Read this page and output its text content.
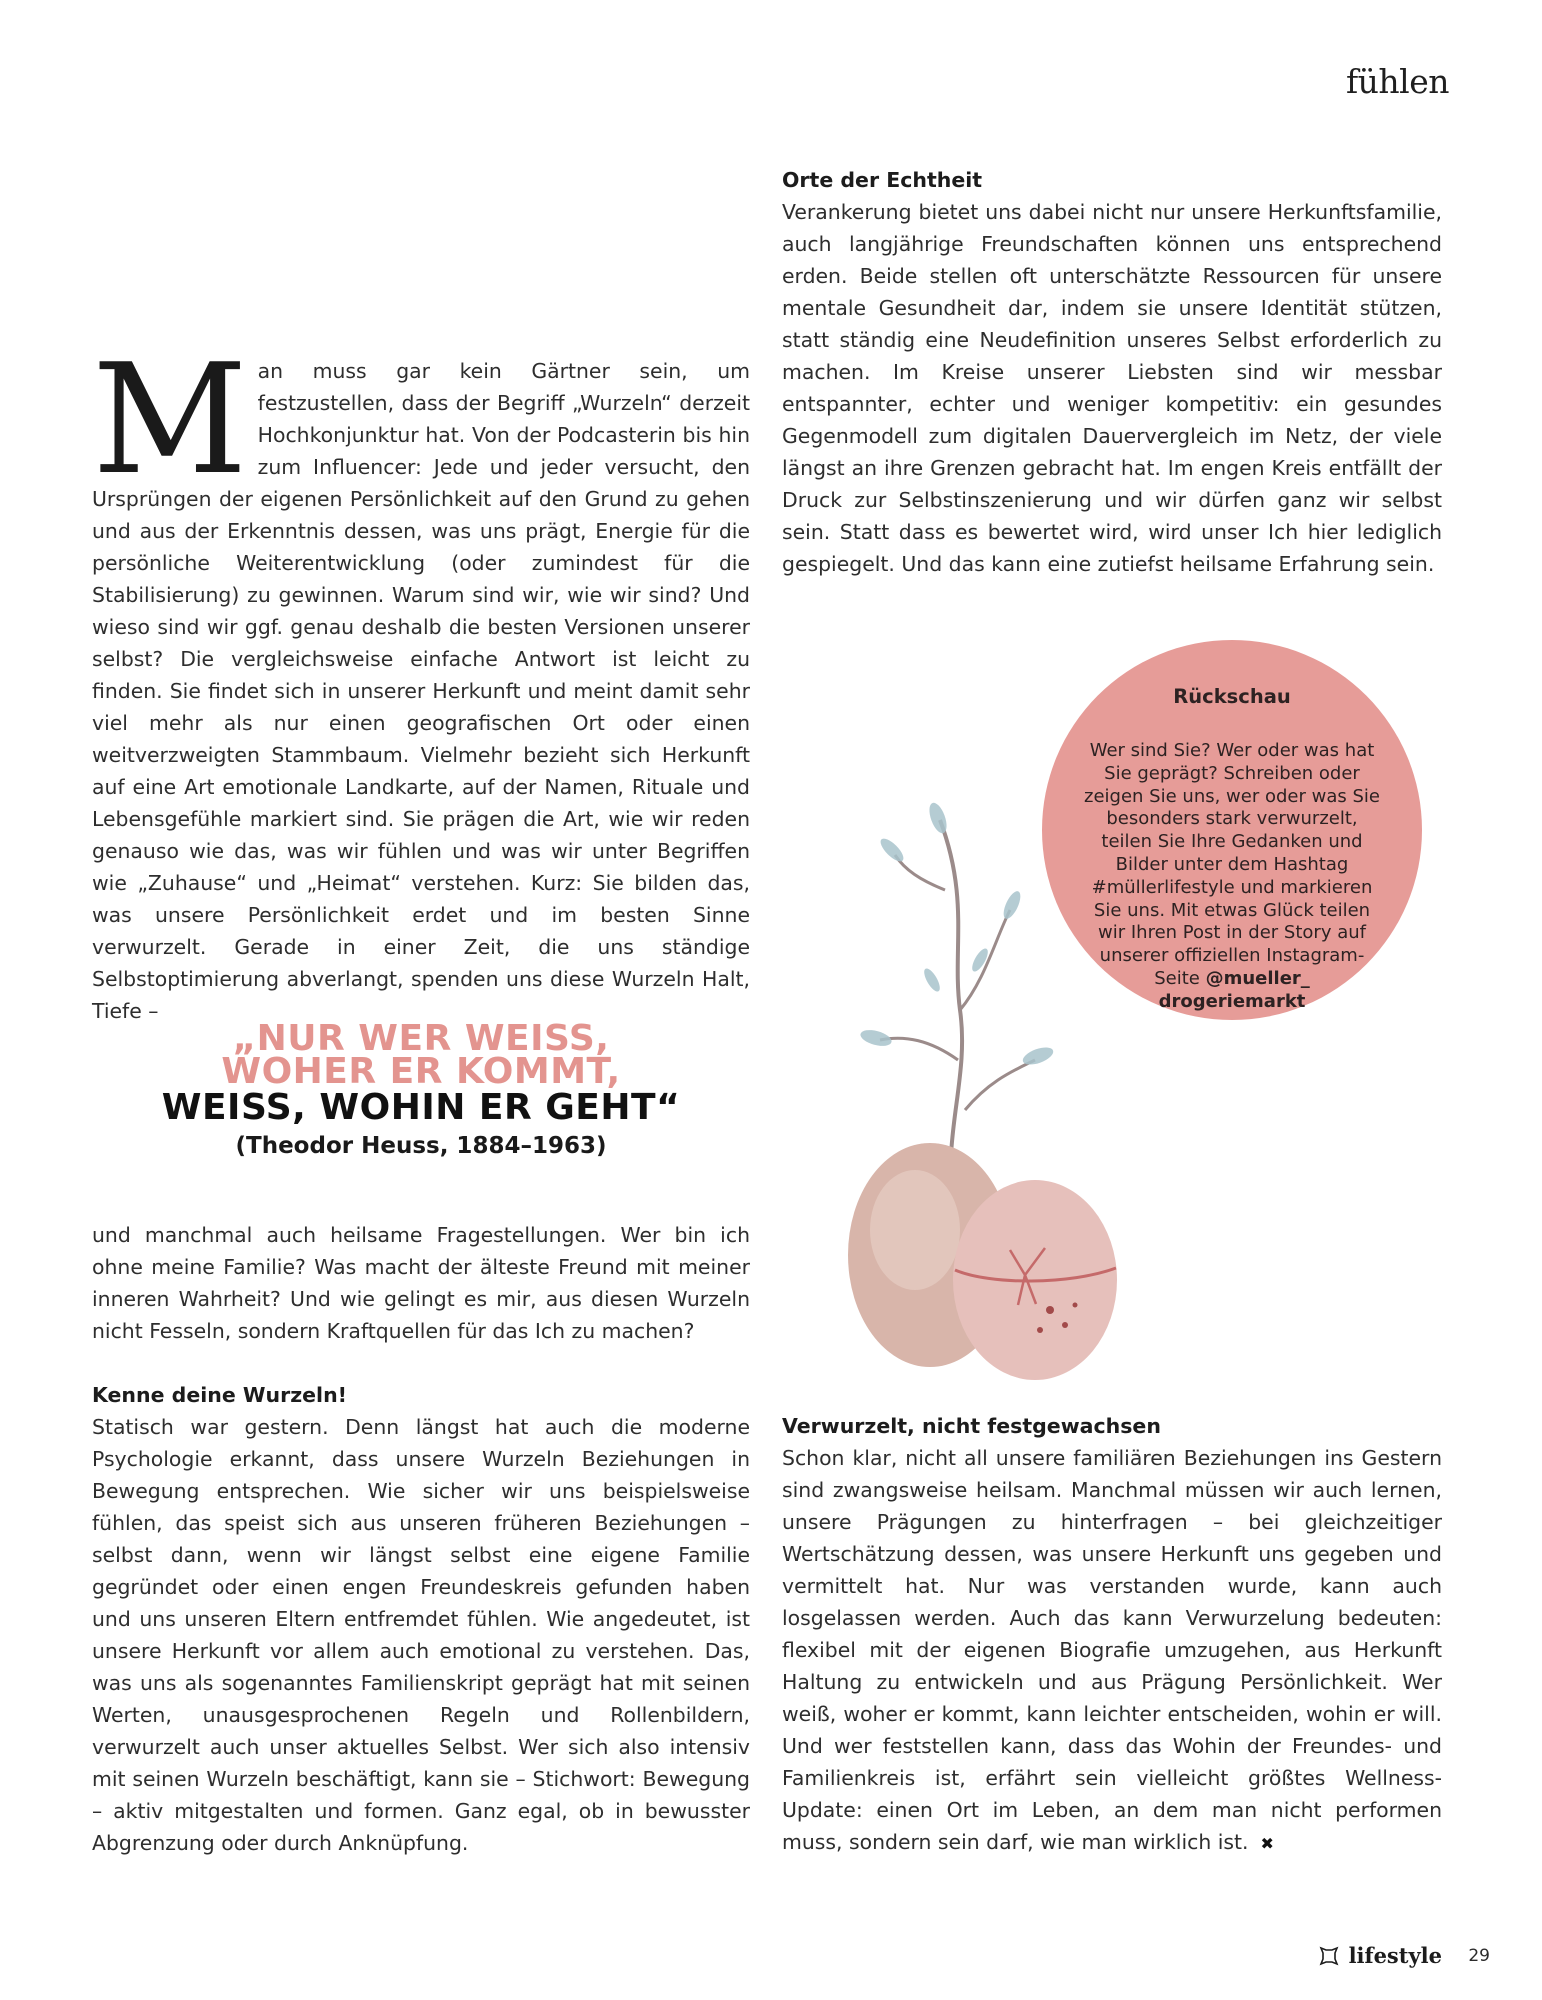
fühlen

Orte der Echtheit

Verankerung bietet uns dabei nicht nur unsere Herkunftsfamilie, auch langjährige Freundschaften können uns entsprechend erden. Beide stellen oft unterschätzte Ressourcen für unsere mentale Gesundheit dar, indem sie unsere Identität stützen, statt ständig eine Neudefinition unseres Selbst erforderlich zu machen. Im Kreise unserer Liebsten sind wir messbar entspannter, echter und weniger kompetitiv: ein gesundes Gegenmodell zum digitalen Dauervergleich im Netz, der viele längst an ihre Grenzen gebracht hat. Im engen Kreis entfällt der Druck zur Selbstinszenierung und wir dürfen ganz wir selbst sein. Statt dass es bewertet wird, wird unser Ich hier lediglich gespiegelt. Und das kann eine zutiefst heilsame Erfahrung sein.

M an muss gar kein Gärtner sein, um festzustellen, dass der Begriff „Wurzeln“ derzeit Hochkonjunktur hat. Von der Podcasterin bis hin zum Influencer: Jede und jeder versucht, den Ursprüngen der eigenen Persönlichkeit auf den Grund zu gehen und aus der Erkenntnis dessen, was uns prägt, Energie für die persönliche Weiterentwicklung (oder zumindest für die Stabilisierung) zu gewinnen. Warum sind wir, wie wir sind? Und wieso sind wir ggf. genau deshalb die besten Versionen unserer selbst? Die vergleichsweise einfache Antwort ist leicht zu finden. Sie findet sich in unserer Herkunft und meint damit sehr viel mehr als nur einen geografischen Ort oder einen weitverzweigten Stammbaum. Vielmehr bezieht sich Herkunft auf eine Art emotionale Landkarte, auf der Namen, Rituale und Lebensgefühle markiert sind. Sie prägen die Art, wie wir reden genauso wie das, was wir fühlen und was wir unter Begriffen wie „Zuhause“ und „Heimat“ verstehen. Kurz: Sie bilden das, was unsere Persönlichkeit erdet und im besten Sinne verwurzelt. Gerade in einer Zeit, die uns ständige Selbstoptimierung abverlangt, spenden uns diese Wurzeln Halt, Tiefe –

Rückschau
Wer sind Sie? Wer oder was hat Sie geprägt? Schreiben oder zeigen Sie uns, wer oder was Sie besonders stark verwurzelt, teilen Sie Ihre Gedanken und Bilder unter dem Hashtag #müllerlifestyle und markieren Sie uns. Mit etwas Glück teilen wir Ihren Post in der Story auf unserer offiziellen Instagram-Seite @mueller_ drogeriemarkt
„NUR WER WEISS,
WOHER ER KOMMT,
WEISS, WOHIN ER GEHT“
(Theodor Heuss, 1884–1963)

und manchmal auch heilsame Fragestellungen. Wer bin ich ohne meine Familie? Was macht der älteste Freund mit meiner inneren Wahrheit? Und wie gelingt es mir, aus diesen Wurzeln nicht Fesseln, sondern Kraftquellen für das Ich zu machen?

Kenne deine Wurzeln!

Statisch war gestern. Denn längst hat auch die moderne Psychologie erkannt, dass unsere Wurzeln Beziehungen in Bewegung entsprechen. Wie sicher wir uns beispielsweise fühlen, das speist sich aus unseren früheren Beziehungen – selbst dann, wenn wir längst selbst eine eigene Familie gegründet oder einen engen Freundeskreis gefunden haben und uns unseren Eltern entfremdet fühlen. Wie angedeutet, ist unsere Herkunft vor allem auch emotional zu verstehen. Das, was uns als sogenanntes Familienskript geprägt hat mit seinen Werten, unausgesprochenen Regeln und Rollenbildern, verwurzelt auch unser aktuelles Selbst. Wer sich also intensiv mit seinen Wurzeln beschäftigt, kann sie – Stichwort: Bewegung – aktiv mitgestalten und formen. Ganz egal, ob in bewusster Abgrenzung oder durch Anknüpfung.

Verwurzelt, nicht festgewachsen

Schon klar, nicht all unsere familiären Beziehungen ins Gestern sind zwangsweise heilsam. Manchmal müssen wir auch lernen, unsere Prägungen zu hinterfragen – bei gleichzeitiger Wertschätzung dessen, was unsere Herkunft uns gegeben und vermittelt hat. Nur was verstanden wurde, kann auch losgelassen werden. Auch das kann Verwurzelung bedeuten: flexibel mit der eigenen Biografie umzugehen, aus Herkunft Haltung zu entwickeln und aus Prägung Persönlichkeit. Wer weiß, woher er kommt, kann leichter entscheiden, wohin er will. Und wer feststellen kann, dass das Wohin der Freundes- und Familienkreis ist, erfährt sein vielleicht größtes Wellness-Update: einen Ort im Leben, an dem man nicht performen muss, sondern sein darf, wie man wirklich ist. ✖

lifestyle 29
